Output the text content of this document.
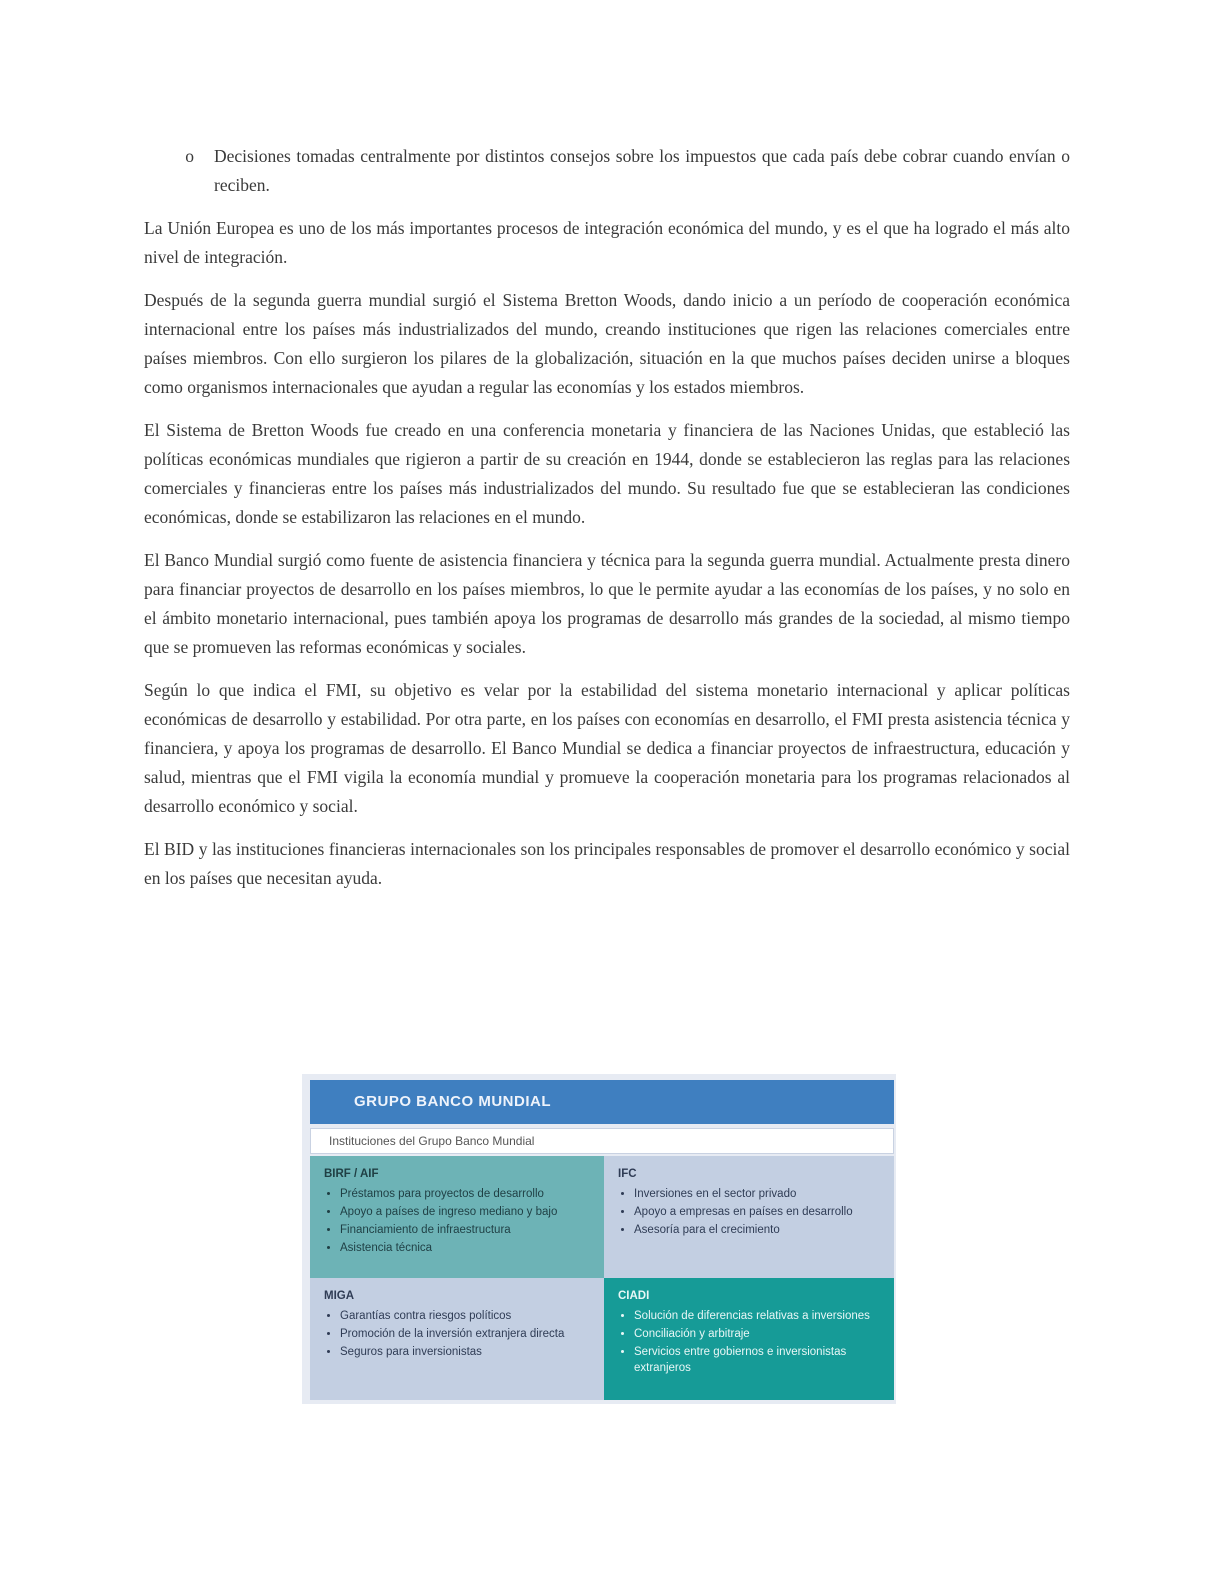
o	Decisiones tomadas centralmente por distintos consejos sobre los impuestos que cada país debe cobrar cuando envían o reciben.

La Unión Europea es uno de los más importantes procesos de integración económica del mundo, y es el que ha logrado el más alto nivel de integración.

Después de la segunda guerra mundial surgió el Sistema Bretton Woods, dando inicio a un período de cooperación económica internacional entre los países más industrializados del mundo, creando instituciones que rigen las relaciones comerciales entre países miembros. Con ello surgieron los pilares de la globalización, situación en la que muchos países deciden unirse a bloques como organismos internacionales que ayudan a regular las economías y los estados miembros.

El Sistema de Bretton Woods fue creado en una conferencia monetaria y financiera de las Naciones Unidas, que estableció las políticas económicas mundiales que rigieron a partir de su creación en 1944, donde se establecieron las reglas para las relaciones comerciales y financieras entre los países más industrializados del mundo. Su resultado fue que se establecieran las condiciones económicas, donde se estabilizaron las relaciones en el mundo.

El Banco Mundial surgió como fuente de asistencia financiera y técnica para la segunda guerra mundial. Actualmente presta dinero para financiar proyectos de desarrollo en los países miembros, lo que le permite ayudar a las economías de los países, y no solo en el ámbito monetario internacional, pues también apoya los programas de desarrollo más grandes de la sociedad, al mismo tiempo que se promueven las reformas económicas y sociales.

Según lo que indica el FMI, su objetivo es velar por la estabilidad del sistema monetario internacional y aplicar políticas económicas de desarrollo y estabilidad. Por otra parte, en los países con economías en desarrollo, el FMI presta asistencia técnica y financiera, y apoya los programas de desarrollo. El Banco Mundial se dedica a financiar proyectos de infraestructura, educación y salud, mientras que el FMI vigila la economía mundial y promueve la cooperación monetaria para los programas relacionados al desarrollo económico y social.

El BID y las instituciones financieras internacionales son los principales responsables de promover el desarrollo económico y social en los países que necesitan ayuda.

GRUPO BANCO MUNDIAL
Instituciones del Grupo Banco Mundial
BIRF / AIF
• Préstamos para proyectos de desarrollo
• Apoyo a países de ingreso mediano y bajo
• Financiamiento de infraestructura
• Asistencia técnica
IFC
• Inversiones en el sector privado
• Apoyo a empresas en países en desarrollo
• Asesoría para el crecimiento
MIGA
• Garantías contra riesgos políticos
• Promoción de la inversión extranjera directa
• Seguros para inversionistas
CIADI
• Solución de diferencias relativas a inversiones
• Conciliación y arbitraje
• Servicios entre gobiernos e inversionistas extranjeros
